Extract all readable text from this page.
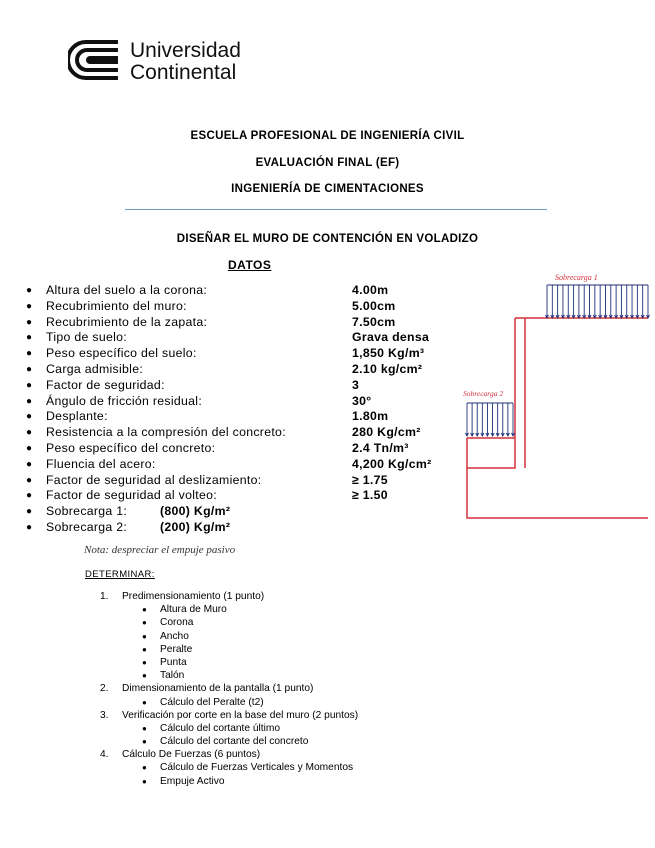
Universidad
Continental
ESCUELA PROFESIONAL DE INGENIERÍA CIVIL
EVALUACIÓN FINAL (EF)
INGENIERÍA DE CIMENTACIONES
DISEÑAR EL MURO DE CONTENCIÓN EN VOLADIZO
DATOS
● Altura del suelo a la corona:	4.00m
● Recubrimiento del muro:	5.00cm
● Recubrimiento de la zapata:	7.50cm
● Tipo de suelo:	Grava densa
● Peso específico del suelo:	1,850 Kg/m³
● Carga admisible:	2.10 kg/cm²
● Factor de seguridad:	3
● Ángulo de fricción residual:	30°
● Desplante:	1.80m
● Resistencia a la compresión del concreto:	280 Kg/cm²
● Peso específico del concreto:	2.4 Tn/m³
● Fluencia del acero:	4,200 Kg/cm²
● Factor de seguridad al deslizamiento:	≥ 1.75
● Factor de seguridad al volteo:	≥ 1.50
● Sobrecarga 1:	(800) Kg/m²
● Sobrecarga 2:	(200) Kg/m²
Nota: despreciar el empuje pasivo
DETERMINAR:
1. Predimensionamiento (1 punto)
● Altura de Muro
● Corona
● Ancho
● Peralte
● Punta
● Talón
2. Dimensionamiento de la pantalla (1 punto)
● Cálculo del Peralte (t2)
3. Verificación por corte en la base del muro (2 puntos)
● Cálculo del cortante último
● Cálculo del cortante del concreto
4. Cálculo De Fuerzas (6 puntos)
● Cálculo de Fuerzas Verticales y Momentos
● Empuje Activo
Sobrecarga 1
Sobrecarga 2
